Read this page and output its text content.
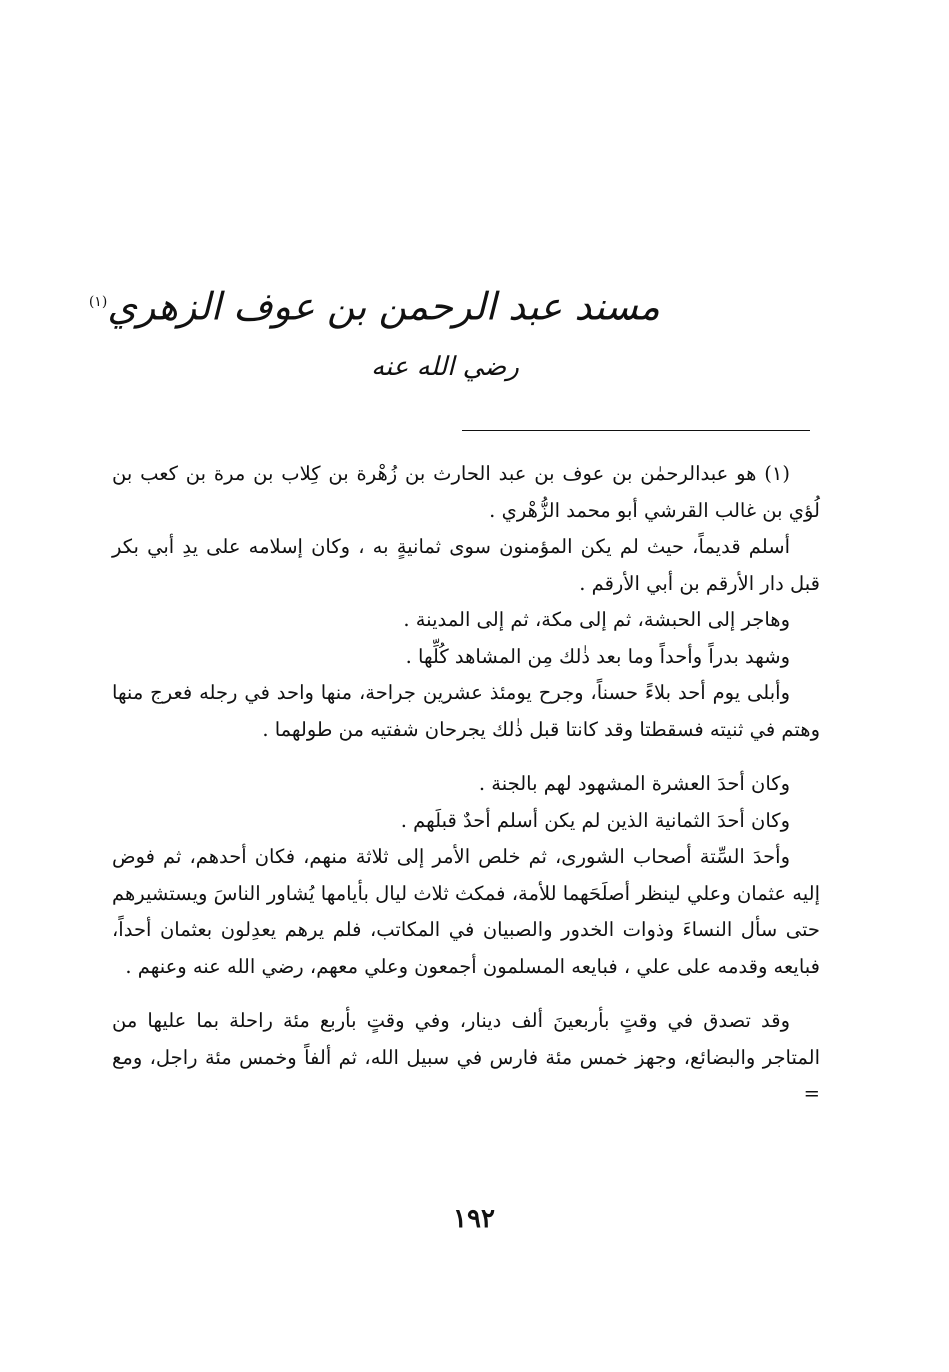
مسند عبد الرحمن بن عوف الزهري$^{(١)}$
رضي الله عنه

(١) هو عبدالرحمٰن بن عوف بن عبد الحارث بن زُهْرة بن كِلاب بن مرة بن كعب بن لُؤي بن غالب القرشي أبو محمد الزُّهْري .

أسلم قديماً، حيث لم يكن المؤمنون سوى ثمانيةٍ به ، وكان إسلامه على يدِ أبي بكر قبل دار الأرقم بن أبي الأرقم .

وهاجر إلى الحبشة، ثم إلى مكة، ثم إلى المدينة .

وشهد بدراً وأحداً وما بعد ذٰلك مِن المشاهد كُلِّها .

وأبلى يوم أحد بلاءً حسناً، وجرح يومئذ عشرين جراحة، منها واحد في رجله فعرج منها وهتم في ثنيته فسقطتا وقد كانتا قبل ذٰلك يجرحان شفتيه من طولهما .

وكان أحدَ العشرة المشهود لهم بالجنة .

وكان أحدَ الثمانية الذين لم يكن أسلم أحدٌ قبلَهم .

وأحدَ السِّتة أصحاب الشورى، ثم خلص الأمر إلى ثلاثة منهم، فكان أحدهم، ثم فوض إليه عثمان وعلي لينظر أصلَحَهما للأمة، فمكث ثلاث ليال بأيامها يُشاور الناسَ ويستشيرهم حتى سأل النساءَ وذوات الخدور والصبيان في المكاتب، فلم يرهم يعدِلون بعثمان أحداً، فبايعه وقدمه على علي ، فبايعه المسلمون أجمعون وعلي معهم، رضي الله عنه وعنهم .

وقد تصدق في وقتٍ بأربعينَ ألف دينار، وفي وقتٍ بأربع مئة راحلة بما عليها من المتاجر والبضائع، وجهز خمس مئة فارس في سبيل الله، ثم ألفاً وخمس مئة راجل، ومع =

١٩٢
